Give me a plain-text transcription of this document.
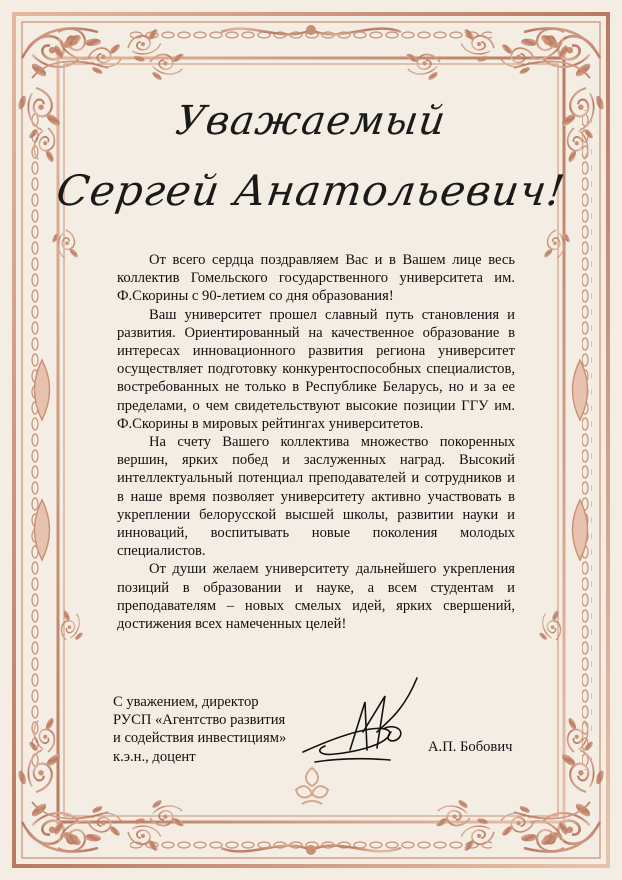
Уважаемый
Сергей Анатольевич!

От всего сердца поздравляем Вас и в Вашем лице весь коллектив Гомельского государственного университета им. Ф.Скорины с 90-летием со дня образования!

Ваш университет прошел славный путь становления и развития. Ориентированный на качественное образование в интересах инновационного развития региона университет осуществляет подготовку конкурентоспособных специалистов, востребованных не только в Республике Беларусь, но и за ее пределами, о чем свидетельствуют высокие позиции ГГУ им. Ф.Скорины в мировых рейтингах университетов.

На счету Вашего коллектива множество покоренных вершин, ярких побед и заслуженных наград. Высокий интеллектуальный потенциал преподавателей и сотрудников и в наше время позволяет университету активно участвовать в укреплении белорусской высшей школы, развитии науки и инноваций, воспитывать новые поколения молодых специалистов.

От души желаем университету дальнейшего укрепления позиций в образовании и науке, а всем студентам и преподавателям – новых смелых идей, ярких свершений, достижения всех намеченных целей!

С уважением, директор
РУСП «Агентство развития
и содействия инвестициям»
к.э.н., доцент
А.П. Бобович
